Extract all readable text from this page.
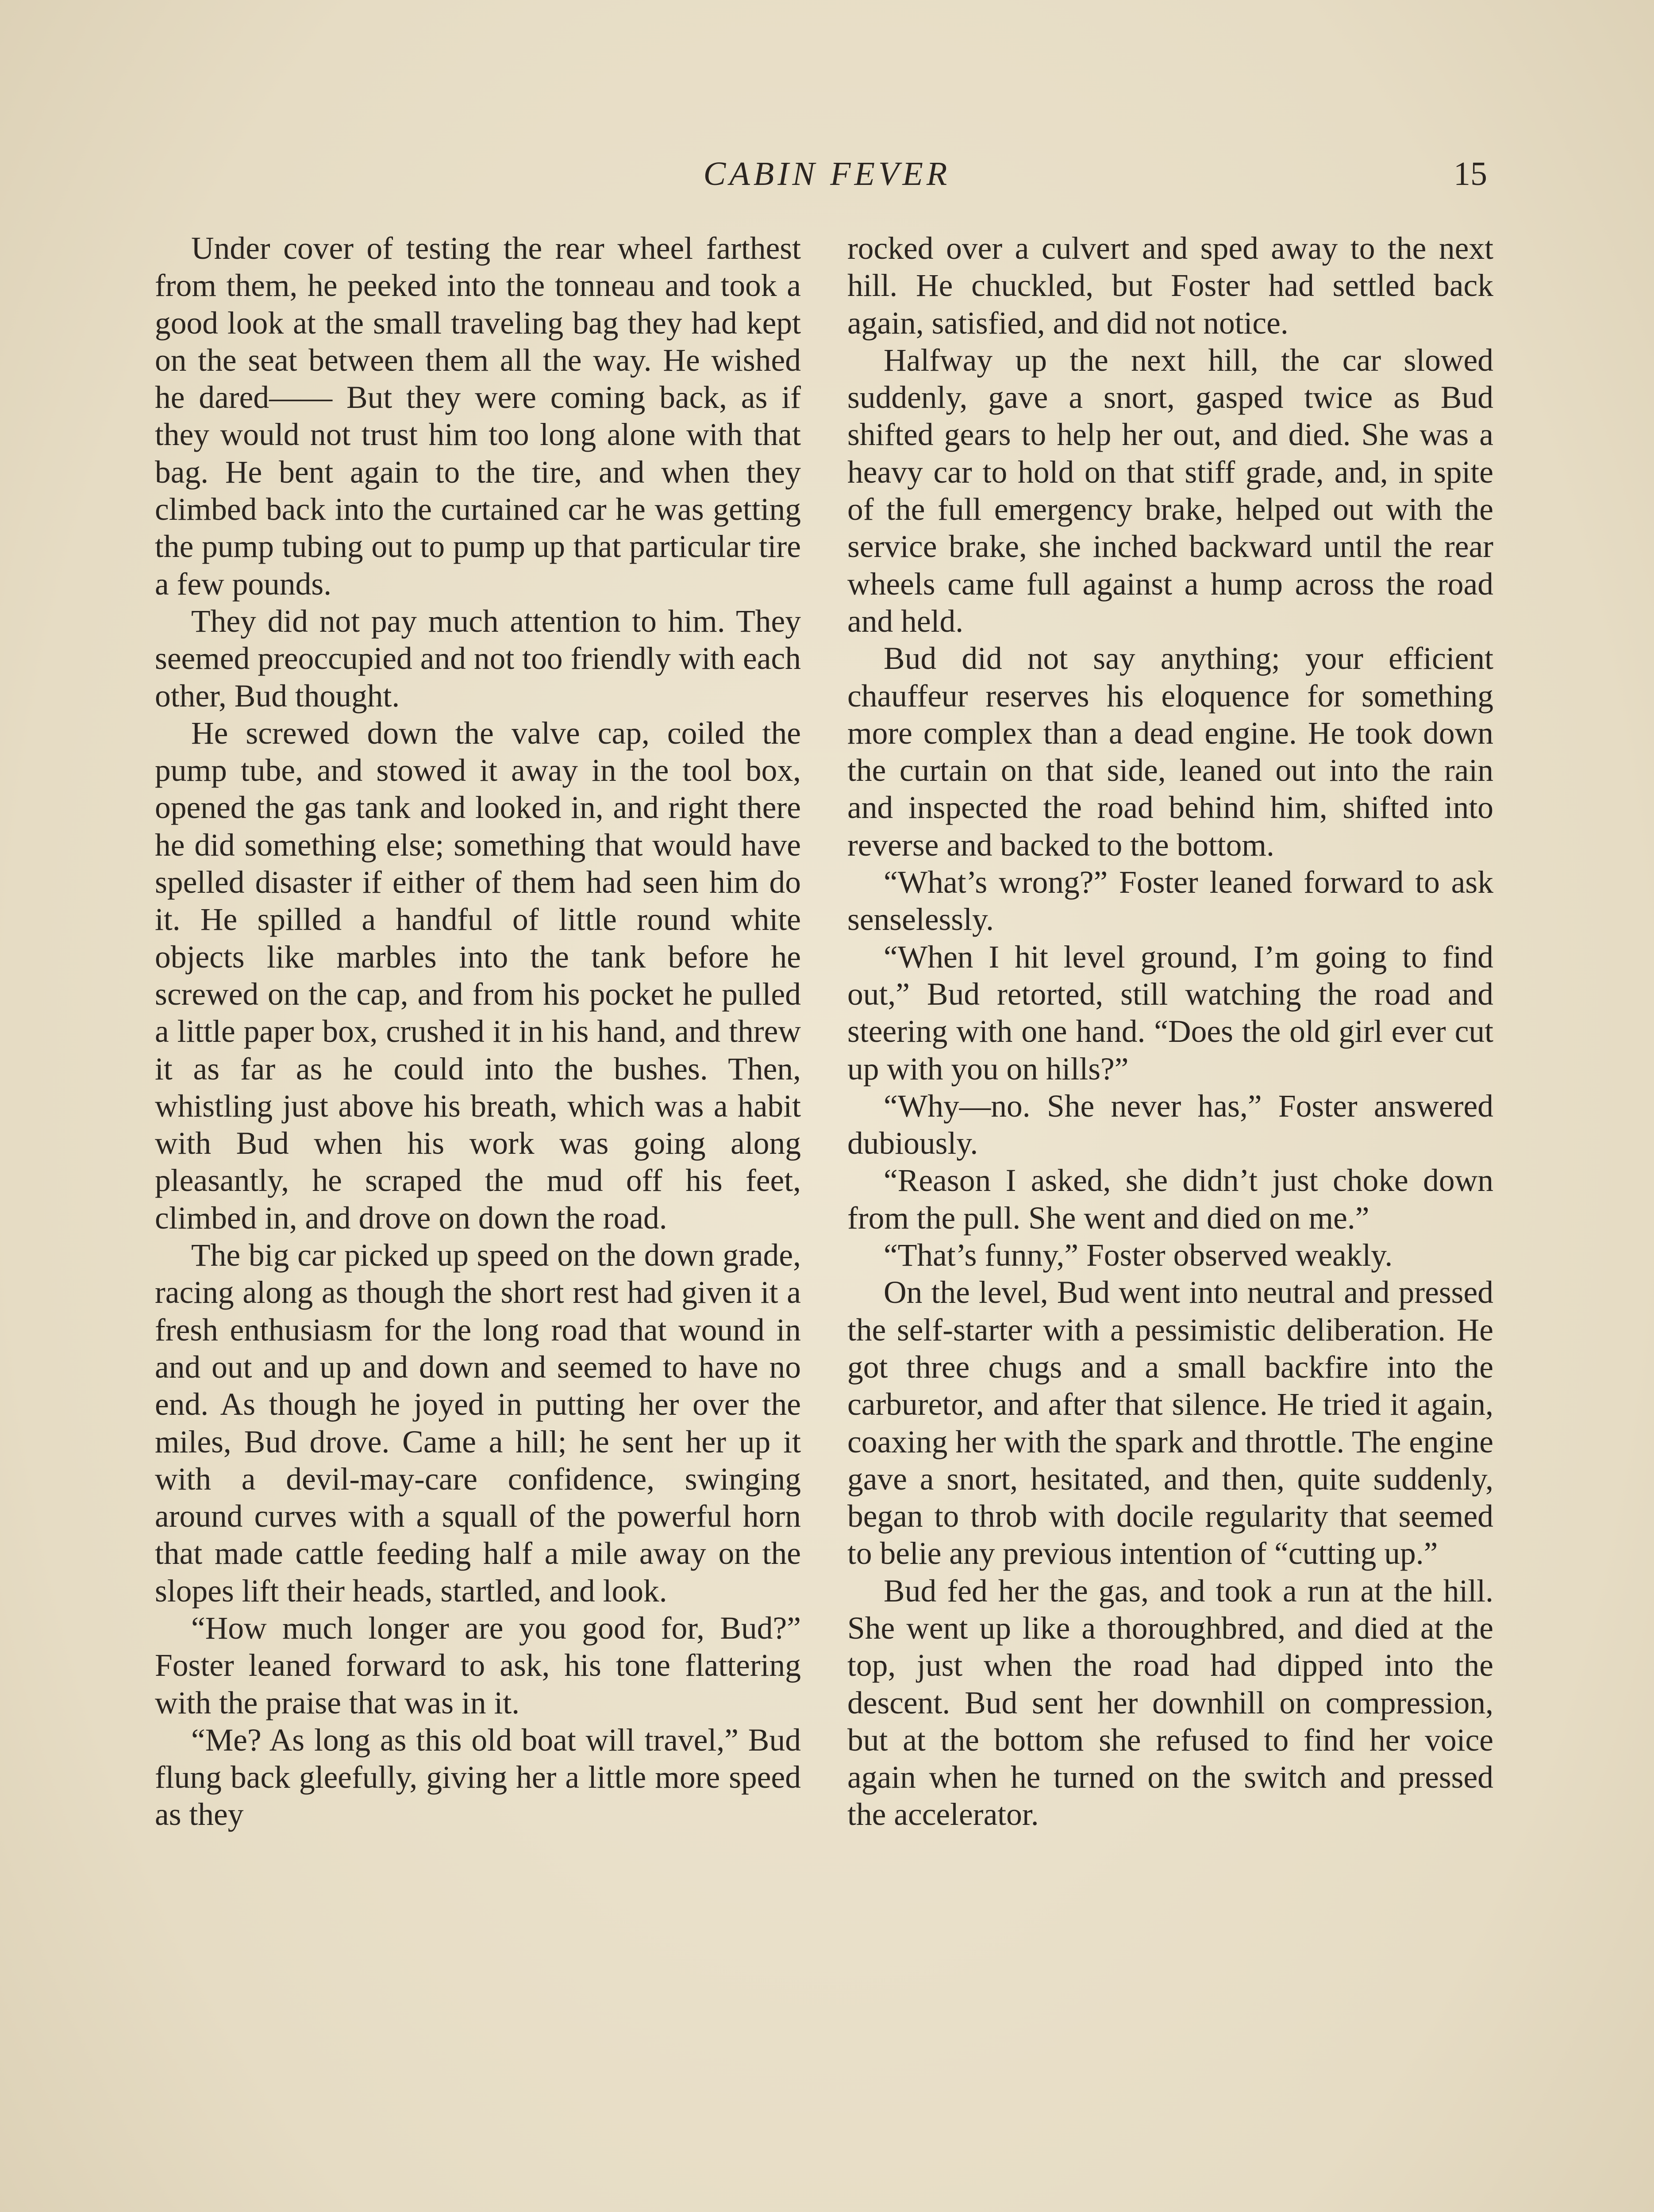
CABIN FEVER	15

Under cover of testing the rear wheel farthest from them, he peeked into the tonneau and took a good look at the small traveling bag they had kept on the seat between them all the way. He wished he dared—— But they were coming back, as if they would not trust him too long alone with that bag. He bent again to the tire, and when they climbed back into the curtained car he was getting the pump tubing out to pump up that particular tire a few pounds.

They did not pay much attention to him. They seemed preoccupied and not too friendly with each other, Bud thought.

He screwed down the valve cap, coiled the pump tube, and stowed it away in the tool box, opened the gas tank and looked in, and right there he did something else; something that would have spelled disaster if either of them had seen him do it. He spilled a handful of little round white objects like marbles into the tank before he screwed on the cap, and from his pocket he pulled a little paper box, crushed it in his hand, and threw it as far as he could into the bushes. Then, whistling just above his breath, which was a habit with Bud when his work was going along pleasantly, he scraped the mud off his feet, climbed in, and drove on down the road.

The big car picked up speed on the down grade, racing along as though the short rest had given it a fresh enthusiasm for the long road that wound in and out and up and down and seemed to have no end. As though he joyed in putting her over the miles, Bud drove. Came a hill; he sent her up it with a devil-may-care confidence, swinging around curves with a squall of the powerful horn that made cattle feeding half a mile away on the slopes lift their heads, startled, and look.

“How much longer are you good for, Bud?” Foster leaned forward to ask, his tone flattering with the praise that was in it.

“Me? As long as this old boat will travel,” Bud flung back gleefully, giving her a little more speed as they

rocked over a culvert and sped away to the next hill. He chuckled, but Foster had settled back again, satisfied, and did not notice.

Halfway up the next hill, the car slowed suddenly, gave a snort, gasped twice as Bud shifted gears to help her out, and died. She was a heavy car to hold on that stiff grade, and, in spite of the full emergency brake, helped out with the service brake, she inched backward until the rear wheels came full against a hump across the road and held.

Bud did not say anything; your efficient chauffeur reserves his eloquence for something more complex than a dead engine. He took down the curtain on that side, leaned out into the rain and inspected the road behind him, shifted into reverse and backed to the bottom.

“What’s wrong?” Foster leaned forward to ask senselessly.

“When I hit level ground, I’m going to find out,” Bud retorted, still watching the road and steering with one hand. “Does the old girl ever cut up with you on hills?”

“Why—no. She never has,” Foster answered dubiously.

“Reason I asked, she didn’t just choke down from the pull. She went and died on me.”

“That’s funny,” Foster observed weakly.

On the level, Bud went into neutral and pressed the self-starter with a pessimistic deliberation. He got three chugs and a small backfire into the carburetor, and after that silence. He tried it again, coaxing her with the spark and throttle. The engine gave a snort, hesitated, and then, quite suddenly, began to throb with docile regularity that seemed to belie any previous intention of “cutting up.”

Bud fed her the gas, and took a run at the hill. She went up like a thoroughbred, and died at the top, just when the road had dipped into the descent. Bud sent her downhill on compression, but at the bottom she refused to find her voice again when he turned on the switch and pressed the accelerator.
